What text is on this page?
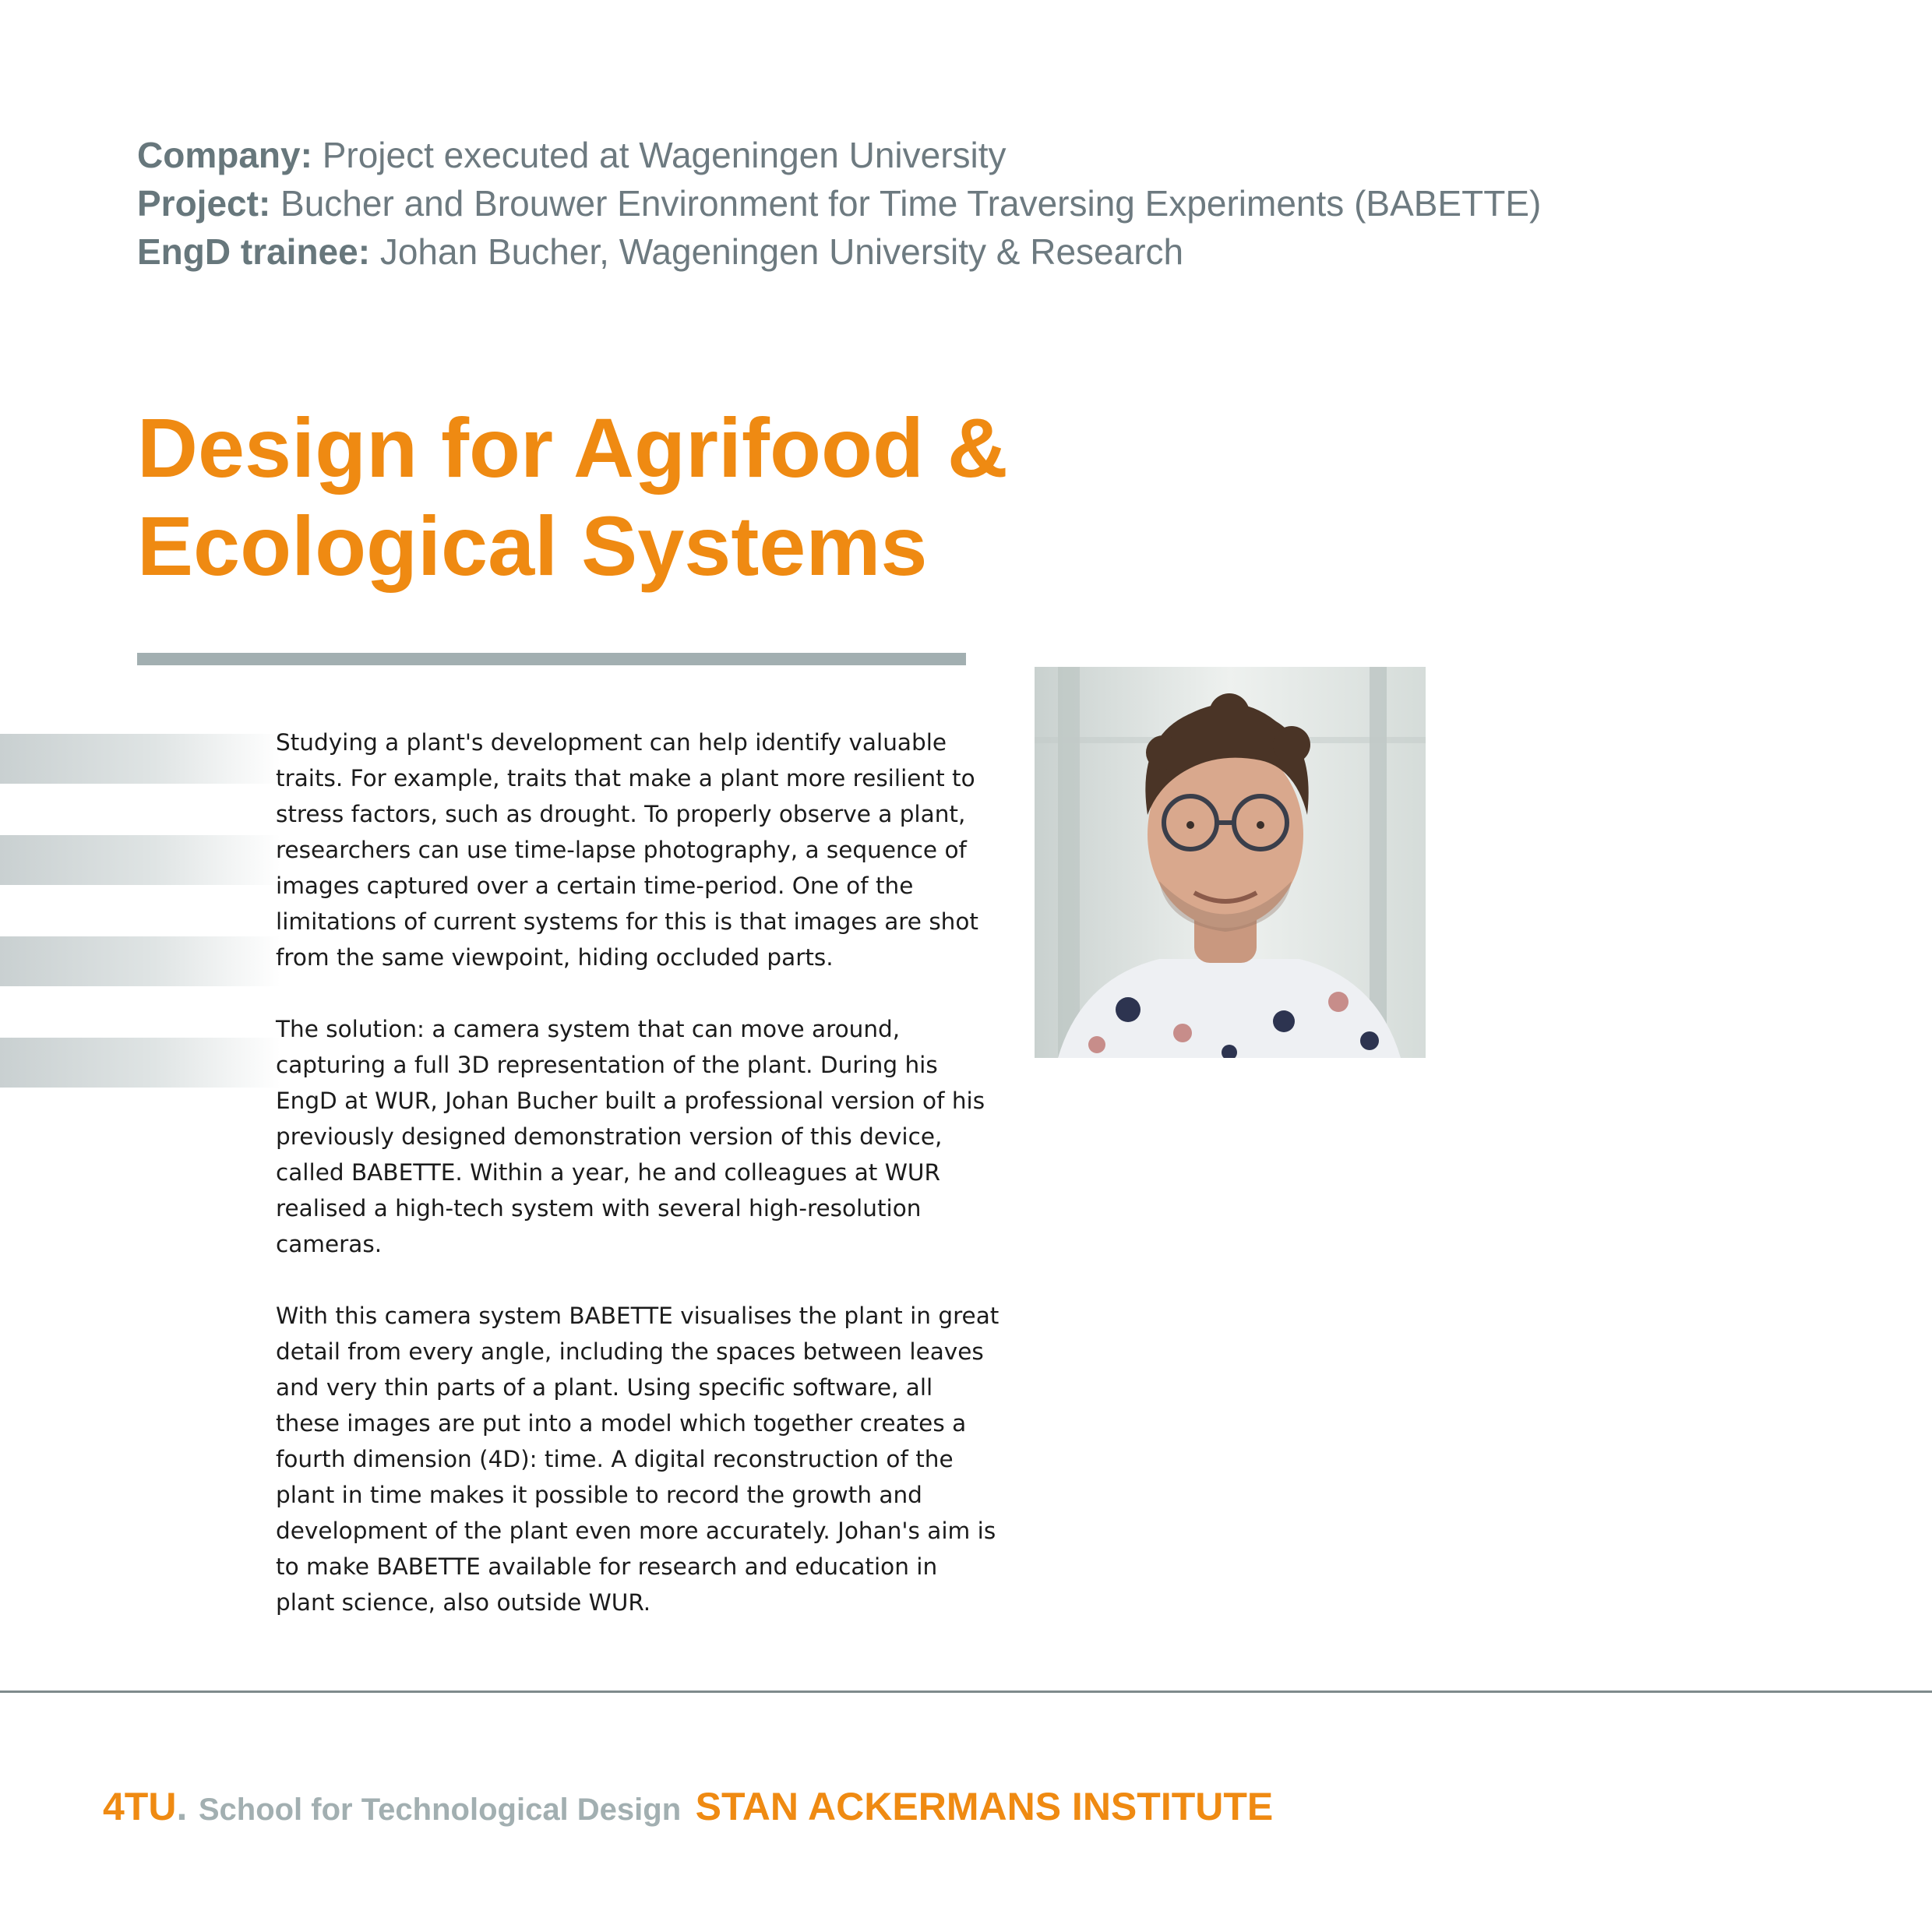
Company: Project executed at Wageningen University
Project: Bucher and Brouwer Environment for Time Traversing Experiments (BABETTE)
EngD trainee: Johan Bucher, Wageningen University & Research
Design for Agrifood &
Ecological Systems

Studying a plant's development can help identify valuable traits. For example, traits that make a plant more resilient to stress factors, such as drought. To properly observe a plant, researchers can use time-lapse photography, a sequence of images captured over a certain time-period. One of the limitations of current systems for this is that images are shot from the same viewpoint, hiding occluded parts.

The solution: a camera system that can move around, capturing a full 3D representation of the plant. During his EngD at WUR, Johan Bucher built a professional version of his previously designed demonstration version of this device, called BABETTE. Within a year, he and colleagues at WUR realised a high-tech system with several high-resolution cameras.

With this camera system BABETTE visualises the plant in great detail from every angle, including the spaces between leaves and very thin parts of a plant. Using specific software, all these images are put into a model which together creates a fourth dimension (4D): time. A digital reconstruction of the plant in time makes it possible to record the growth and development of the plant even more accurately. Johan's aim is to make BABETTE available for research and education in plant science, also outside WUR.

4TU. School for Technological Design STAN ACKERMANS INSTITUTE
